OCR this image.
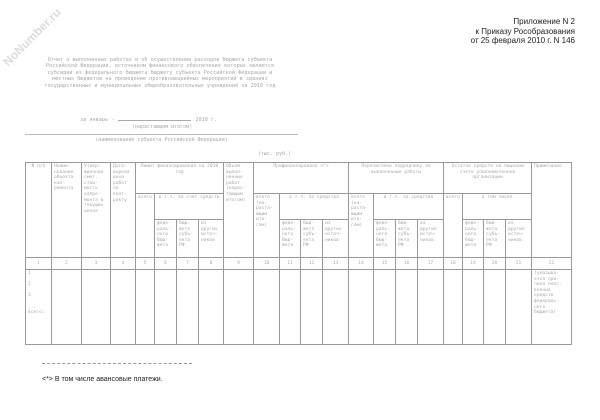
NoNumber.ru	Приложение N 2
к Приказу Рособразования
от 25 февраля 2010 г. N 146
Отчет о выполненных работах и об осуществлении расходов бюджета субъекта Российской Федерации, источником финансового обеспечения которых являются субсидии из федерального бюджета бюджету субъекта Российской Федерации и местных бюджетов на проведение противоаварийных мероприятий в зданиях государственных и муниципальных общеобразовательных учреждений за 2010 год
за январь -	2010 г.
(нарастающим итогом)
(наименование субъекта Российской Федерации)
(тыс. руб.)
N п/п	Наиме- нование объекта кап- ремонта	Утвер- жденная смет. стои- мость капре- монта в текущих ценах	Дого- ворная цена работ по конт- ракту	Лимит финансирования на 2010 год				Объем выпол- ненных работ (нарас- тающим итогом)	Профинансировано <*>				Перечислено подрядчику за выполненные работы				Остаток средств на лицевом счете уполномоченной организации				Примечание
				всего	в т.ч. за счет средств				всего (на- раста- ющим ито- гом)	в т.ч. за средства			всего (на- раста- ющим ито- гом)	в т.ч. за средства			всего	в том числе			
					феде- раль- ного бюд- жета	бюд- жета субъ- екта РФ	из других источ- ников			феде- раль- ного бюд- жета	бюд- жета субъ- екта РФ	из других источ- ников		феде- раль- ного бюд- жета	бюд- жета субъ- екта РФ	из других источ- ников		феде- раль- ного бюд- жета	бюд- жета субъ- екта РФ	из других источ- ников	
1	2	3	4	5	6	7	8	9	10	11	12	13	14	15	16	17	18	19	20	21	22
1

2

3

...
всего:																					(указыва- ется при- чина неос- воения средств федераль- ного бюджета)
<*> В том числе авансовые платежи.
